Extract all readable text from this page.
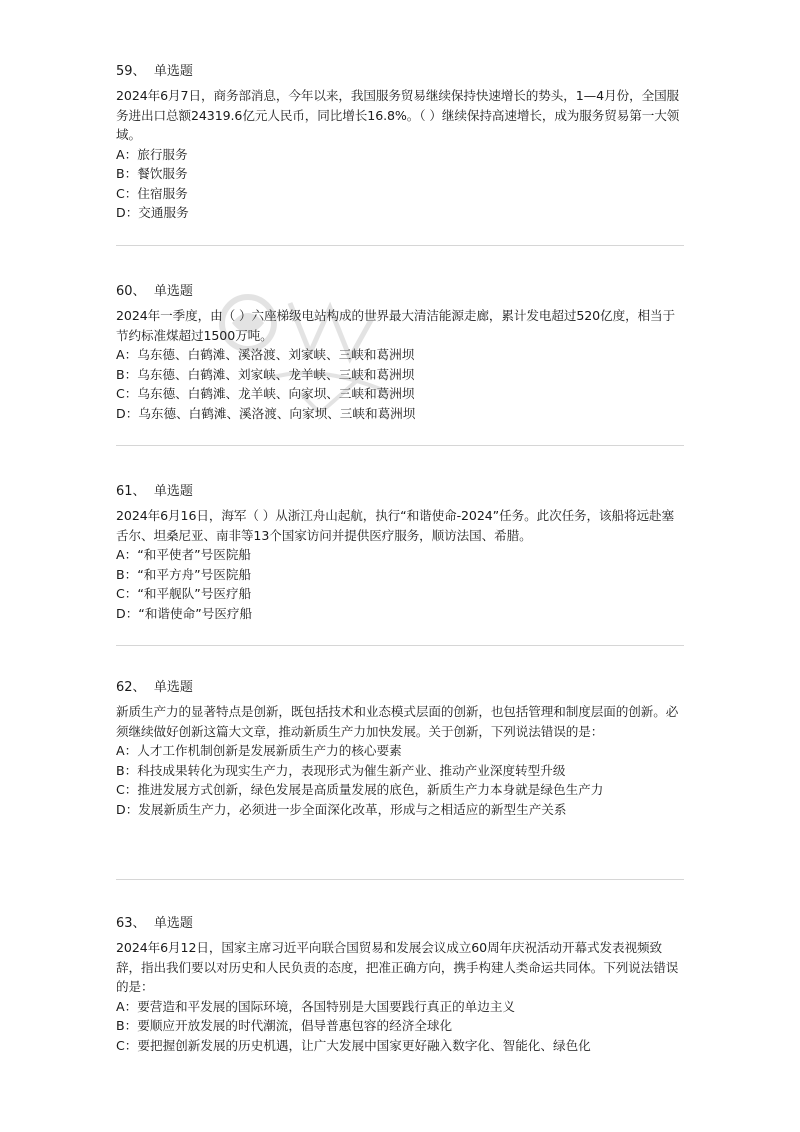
59、 单选题
2024年6月7日，商务部消息，今年以来，我国服务贸易继续保持快速增长的势头，1—4月份，全国服务进出口总额24319.6亿元人民币，同比增长16.8%。（ ）继续保持高速增长，成为服务贸易第一大领域。
A： 旅行服务
B： 餐饮服务
C： 住宿服务
D： 交通服务
60、 单选题
2024年一季度，由（ ）六座梯级电站构成的世界最大清洁能源走廊，累计发电超过520亿度，相当于节约标准煤超过1500万吨。
A： 乌东德、白鹤滩、溪洛渡、刘家峡、三峡和葛洲坝
B： 乌东德、白鹤滩、刘家峡、龙羊峡、三峡和葛洲坝
C： 乌东德、白鹤滩、龙羊峡、向家坝、三峡和葛洲坝
D： 乌东德、白鹤滩、溪洛渡、向家坝、三峡和葛洲坝
61、 单选题
2024年6月16日，海军（ ）从浙江舟山起航，执行“和谐使命-2024”任务。此次任务，该船将远赴塞舌尔、坦桑尼亚、南非等13个国家访问并提供医疗服务，顺访法国、希腊。
A： “和平使者”号医院船
B： “和平方舟”号医院船
C： “和平舰队”号医疗船
D： “和谐使命”号医疗船
62、 单选题
新质生产力的显著特点是创新，既包括技术和业态模式层面的创新，也包括管理和制度层面的创新。必须继续做好创新这篇大文章，推动新质生产力加快发展。关于创新，下列说法错误的是：
A： 人才工作机制创新是发展新质生产力的核心要素
B： 科技成果转化为现实生产力，表现形式为催生新产业、推动产业深度转型升级
C： 推进发展方式创新，绿色发展是高质量发展的底色，新质生产力本身就是绿色生产力
D： 发展新质生产力，必须进一步全面深化改革，形成与之相适应的新型生产关系
63、 单选题
2024年6月12日，国家主席习近平向联合国贸易和发展会议成立60周年庆祝活动开幕式发表视频致辞，指出我们要以对历史和人民负责的态度，把准正确方向，携手构建人类命运共同体。下列说法错误的是：
A： 要营造和平发展的国际环境，各国特别是大国要践行真正的单边主义
B： 要顺应开放发展的时代潮流，倡导普惠包容的经济全球化
C： 要把握创新发展的历史机遇，让广大发展中国家更好融入数字化、智能化、绿色化
